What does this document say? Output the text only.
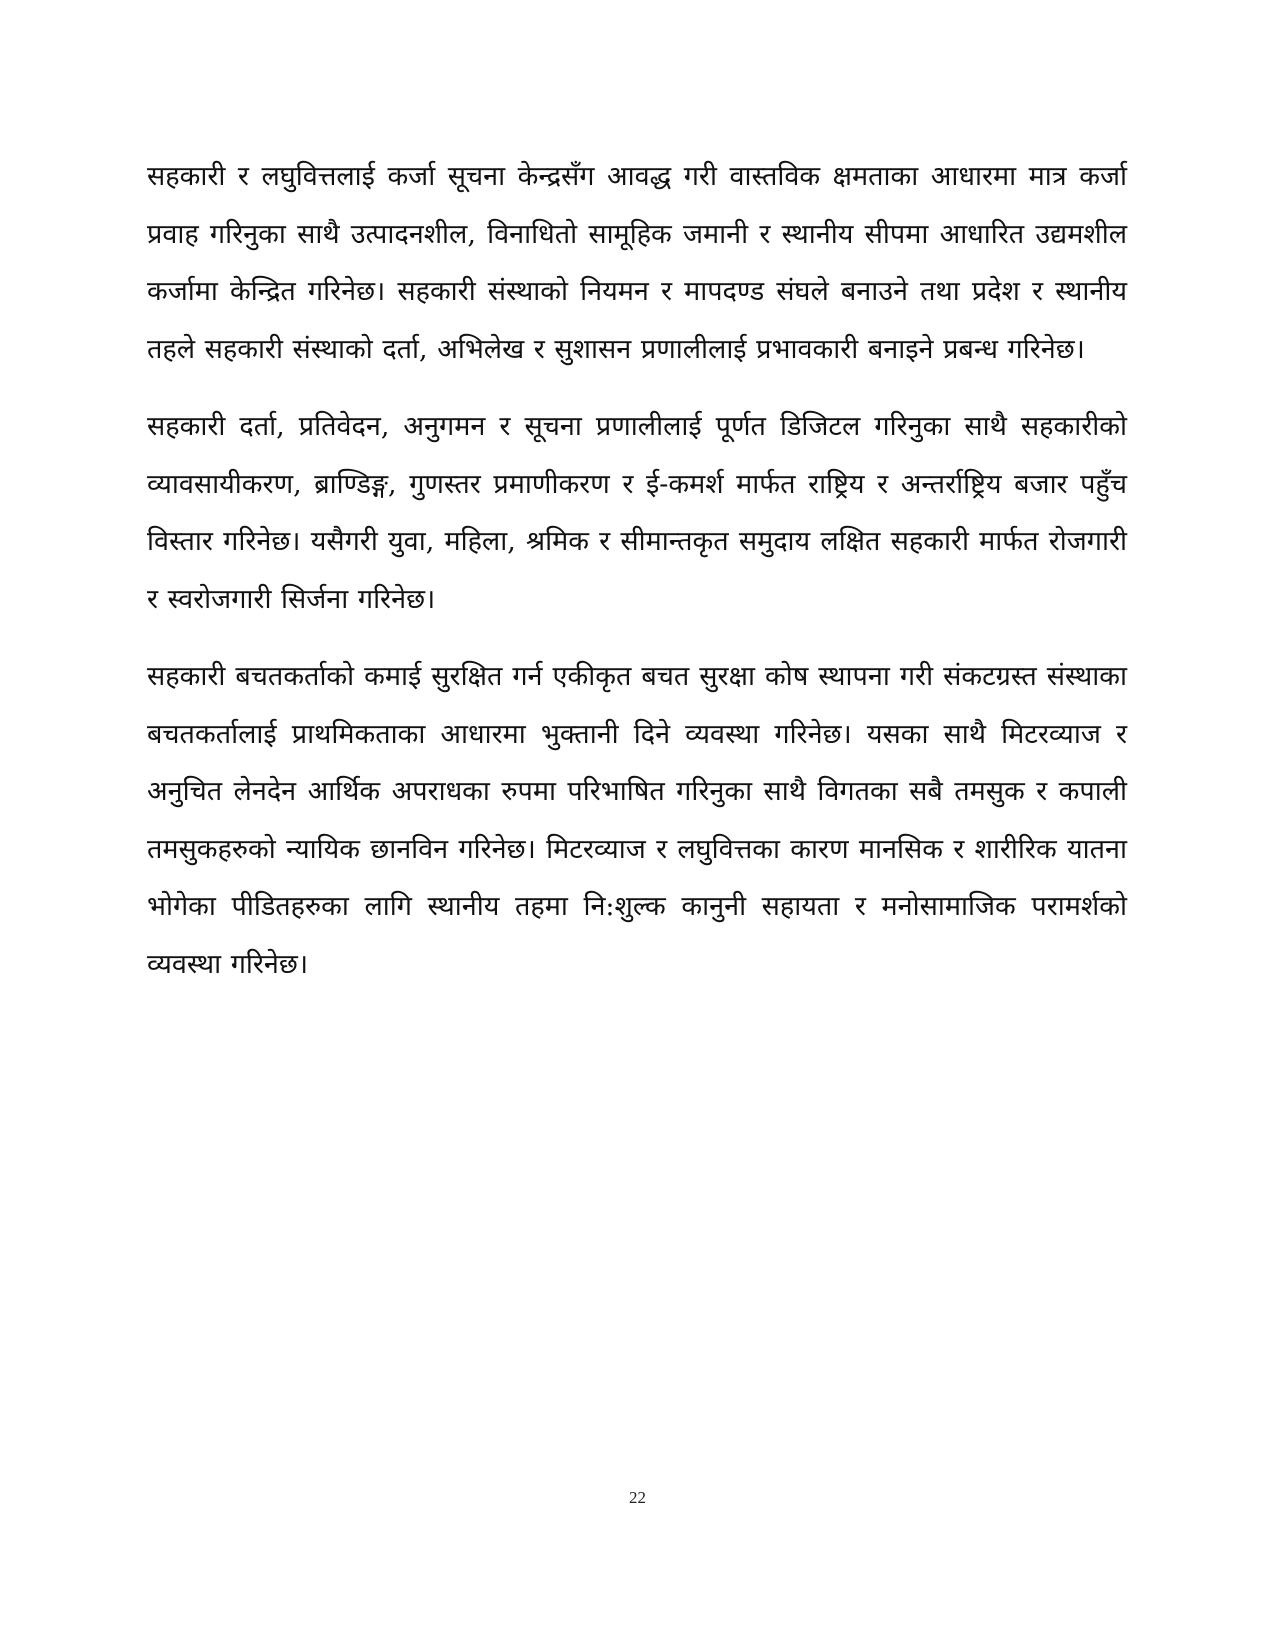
सहकारी र लघुवित्तलाई कर्जा सूचना केन्द्रसँग आवद्ध गरी वास्तविक क्षमताका आधारमा मात्र कर्जा प्रवाह गरिनुका साथै उत्पादनशील, विनाधितो सामूहिक जमानी र स्थानीय सीपमा आधारित उद्यमशील कर्जामा केन्द्रित गरिनेछ। सहकारी संस्थाको नियमन र मापदण्ड संघले बनाउने तथा प्रदेश र स्थानीय तहले सहकारी संस्थाको दर्ता, अभिलेख र सुशासन प्रणालीलाई प्रभावकारी बनाइने प्रबन्ध गरिनेछ।

सहकारी दर्ता, प्रतिवेदन, अनुगमन र सूचना प्रणालीलाई पूर्णत डिजिटल गरिनुका साथै सहकारीको व्यावसायीकरण, ब्राण्डिङ्ग, गुणस्तर प्रमाणीकरण र ई-कमर्श मार्फत राष्ट्रिय र अन्तर्राष्ट्रिय बजार पहुँच विस्तार गरिनेछ। यसैगरी युवा, महिला, श्रमिक र सीमान्तकृत समुदाय लक्षित सहकारी मार्फत रोजगारी र स्वरोजगारी सिर्जना गरिनेछ।

सहकारी बचतकर्ताको कमाई सुरक्षित गर्न एकीकृत बचत सुरक्षा कोष स्थापना गरी संकटग्रस्त संस्थाका बचतकर्तालाई प्राथमिकताका आधारमा भुक्तानी दिने व्यवस्था गरिनेछ। यसका साथै मिटरव्याज र अनुचित लेनदेन आर्थिक अपराधका रुपमा परिभाषित गरिनुका साथै विगतका सबै तमसुक र कपाली तमसुकहरुको न्यायिक छानविन गरिनेछ। मिटरव्याज र लघुवित्तका कारण मानसिक र शारीरिक यातना भोगेका पीडितहरुका लागि स्थानीय तहमा नि:शुल्क कानुनी सहायता र मनोसामाजिक परामर्शको व्यवस्था गरिनेछ।

22
